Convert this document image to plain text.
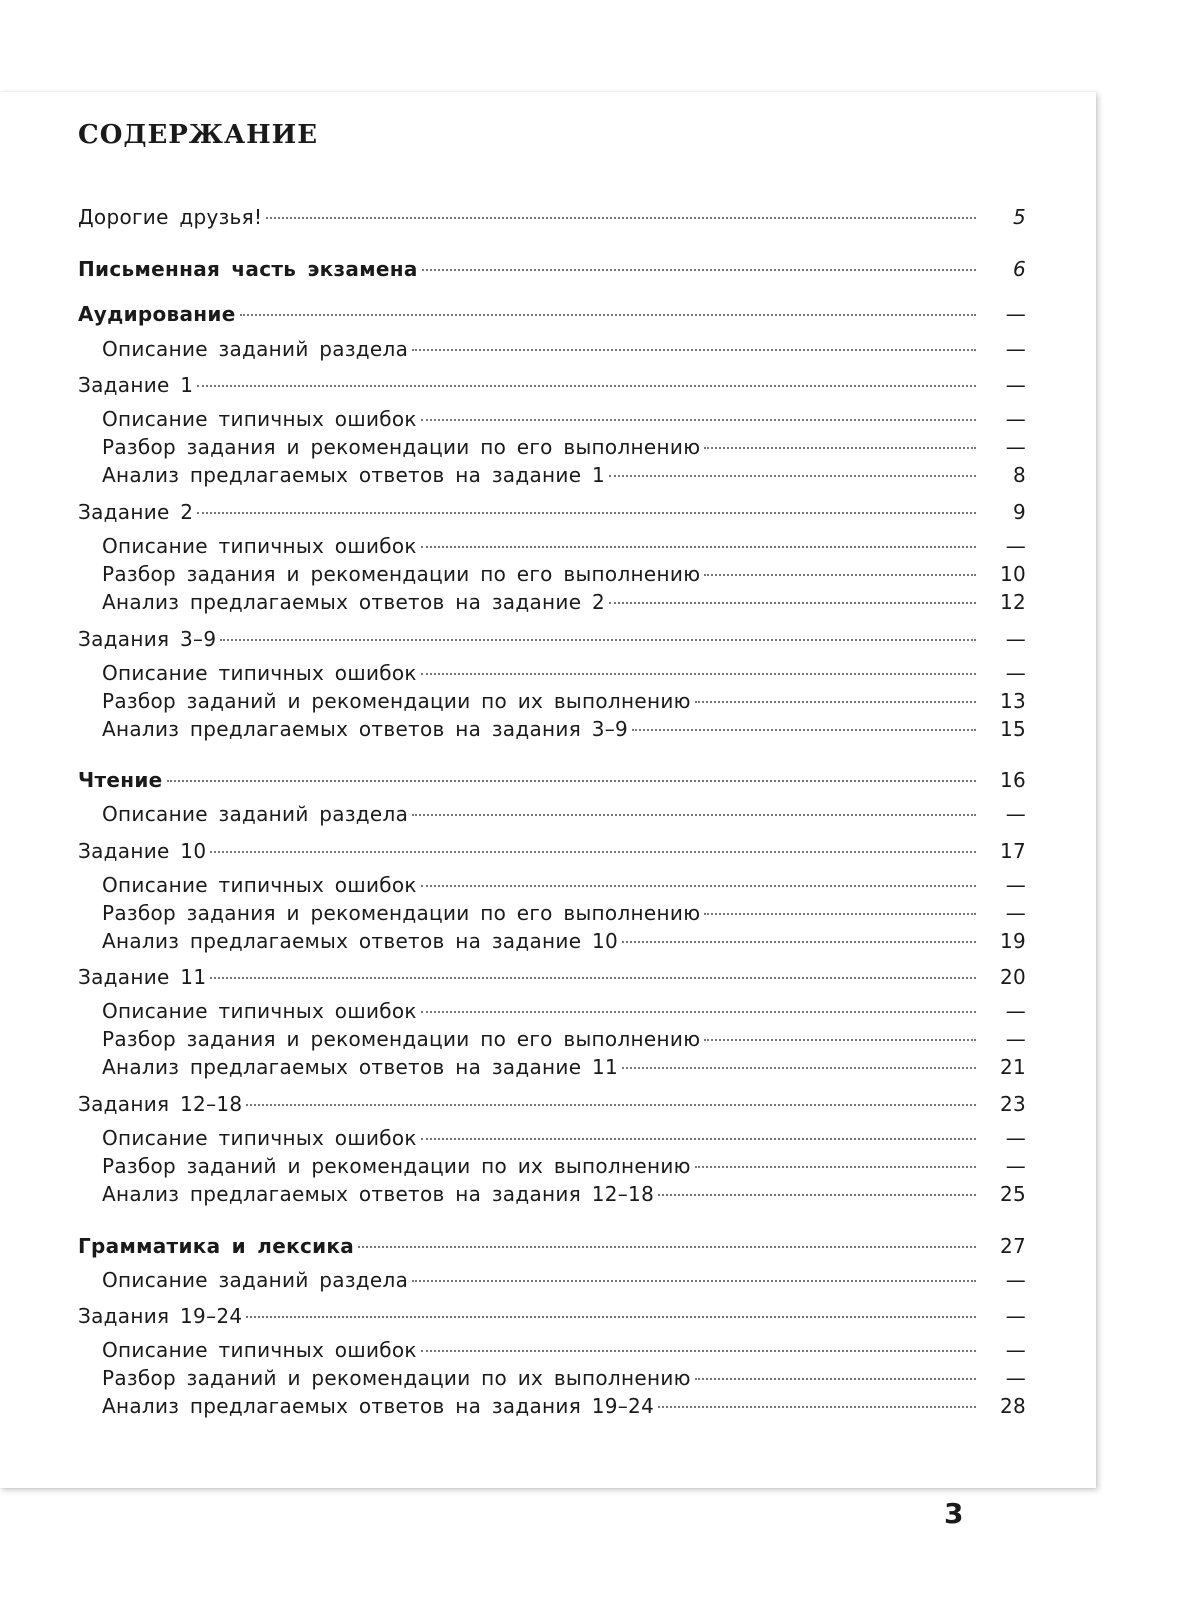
СОДЕРЖАНИЕ
Дорогие друзья!	5
Письменная часть экзамена	6
Аудирование	—
Описание заданий раздела	—
Задание 1	—
Описание типичных ошибок	—
Разбор задания и рекомендации по его выполнению	—
Анализ предлагаемых ответов на задание 1	8
Задание 2	9
Описание типичных ошибок	—
Разбор задания и рекомендации по его выполнению	10
Анализ предлагаемых ответов на задание 2	12
Задания 3–9	—
Описание типичных ошибок	—
Разбор заданий и рекомендации по их выполнению	13
Анализ предлагаемых ответов на задания 3–9	15
Чтение	16
Описание заданий раздела	—
Задание 10	17
Описание типичных ошибок	—
Разбор задания и рекомендации по его выполнению	—
Анализ предлагаемых ответов на задание 10	19
Задание 11	20
Описание типичных ошибок	—
Разбор задания и рекомендации по его выполнению	—
Анализ предлагаемых ответов на задание 11	21
Задания 12–18	23
Описание типичных ошибок	—
Разбор заданий и рекомендации по их выполнению	—
Анализ предлагаемых ответов на задания 12–18	25
Грамматика и лексика	27
Описание заданий раздела	—
Задания 19–24	—
Описание типичных ошибок	—
Разбор заданий и рекомендации по их выполнению	—
Анализ предлагаемых ответов на задания 19–24	28
3
